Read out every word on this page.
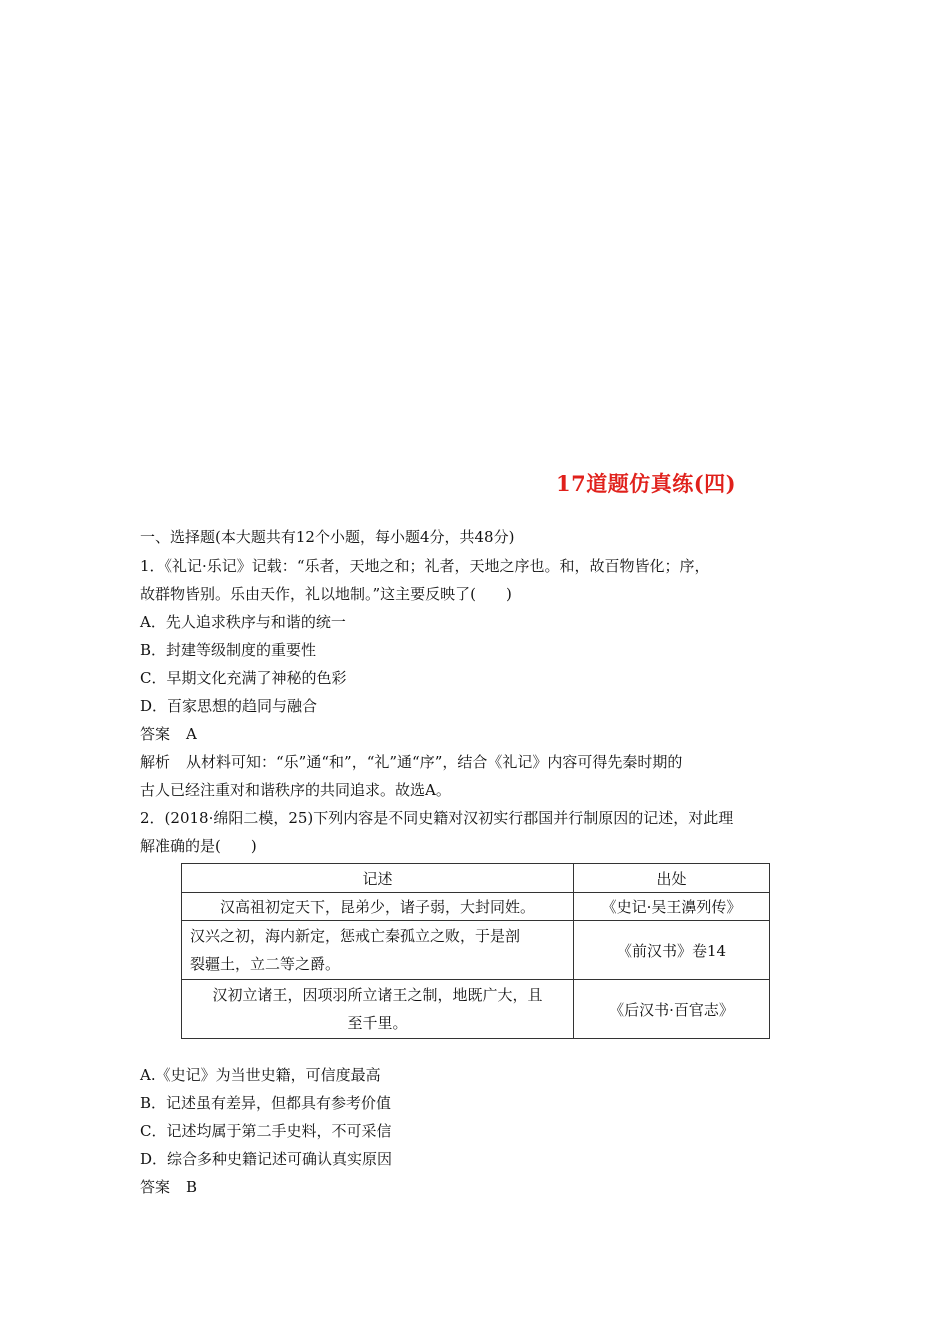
17道题仿真练(四)
一、选择题(本大题共有12个小题，每小题4分，共48分)
1．《礼记·乐记》记载：“乐者，天地之和；礼者，天地之序也。和，故百物皆化；序，
故群物皆别。乐由天作，礼以地制。”这主要反映了(　　)
A．先人追求秩序与和谐的统一
B．封建等级制度的重要性
C．早期文化充满了神秘的色彩
D．百家思想的趋同与融合
答案 A
解析 从材料可知：“乐”通“和”，“礼”通“序”，结合《礼记》内容可得先秦时期的
古人已经注重对和谐秩序的共同追求。故选A。
2．(2018·绵阳二模，25)下列内容是不同史籍对汉初实行郡国并行制原因的记述，对此理
解准确的是(　　)
记述	出处

汉高祖初定天下，昆弟少，诸子弱，大封同姓。	《史记·吴王濞列传》

汉兴之初，海内新定，惩戒亡秦孤立之败，于是剖
裂疆土，立二等之爵。	《前汉书》卷14

汉初立诸王，因项羽所立诸王之制，地既广大，且
至千里。	《后汉书·百官志》
A.《史记》为当世史籍，可信度最高
B．记述虽有差异，但都具有参考价值
C．记述均属于第二手史料，不可采信
D．综合多种史籍记述可确认真实原因
答案 B
